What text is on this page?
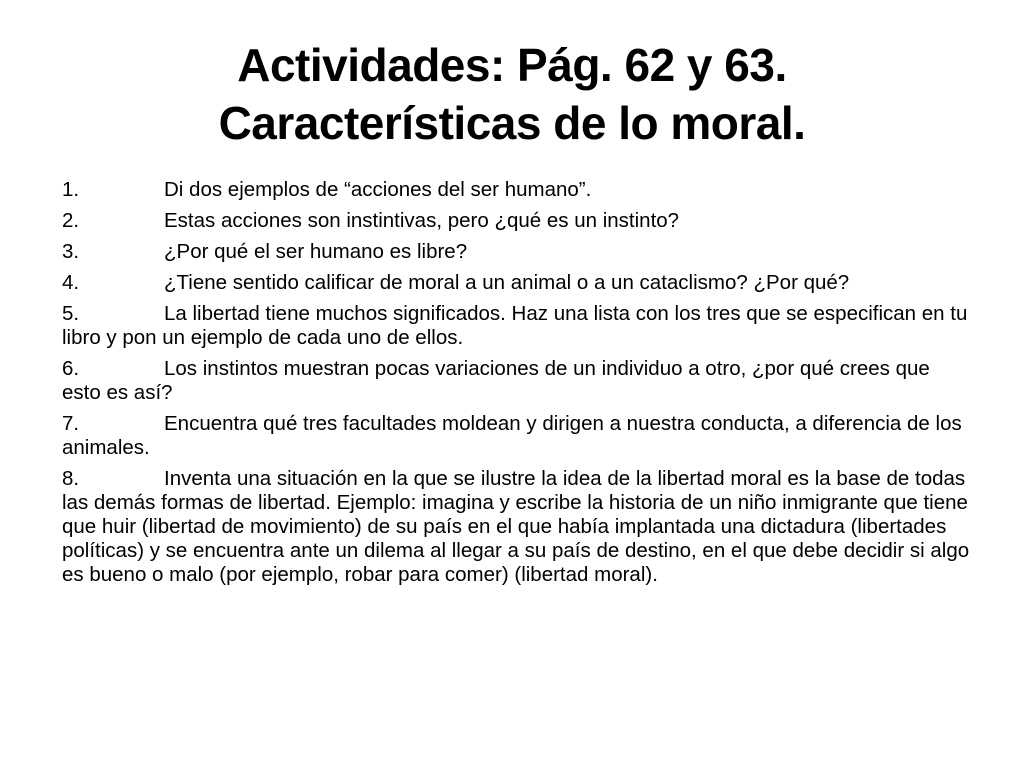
Actividades: Pág. 62 y 63.
Características de lo moral.
1.	Di dos ejemplos de “acciones del ser humano”.
2.	Estas acciones son instintivas, pero ¿qué es un instinto?
3.	¿Por qué el ser humano es libre?
4.	¿Tiene sentido calificar de moral a un animal o a un cataclismo? ¿Por qué?
5.	La libertad tiene muchos significados. Haz una lista con los tres que se especifican en tu libro y pon un ejemplo de cada uno de ellos.
6.	Los instintos muestran pocas variaciones de un individuo a otro, ¿por qué crees que esto es así?
7.	Encuentra qué tres facultades moldean y dirigen a nuestra conducta, a diferencia de los animales.
8.	Inventa una situación en la que se ilustre la idea de la libertad moral es la base de todas las demás formas de libertad. Ejemplo: imagina y escribe la historia de un niño inmigrante que tiene que huir (libertad de movimiento) de su país en el que había implantada una dictadura (libertades políticas) y se encuentra ante un dilema al llegar a su país de destino, en el que debe decidir si algo es bueno o malo (por ejemplo, robar para comer) (libertad moral).
